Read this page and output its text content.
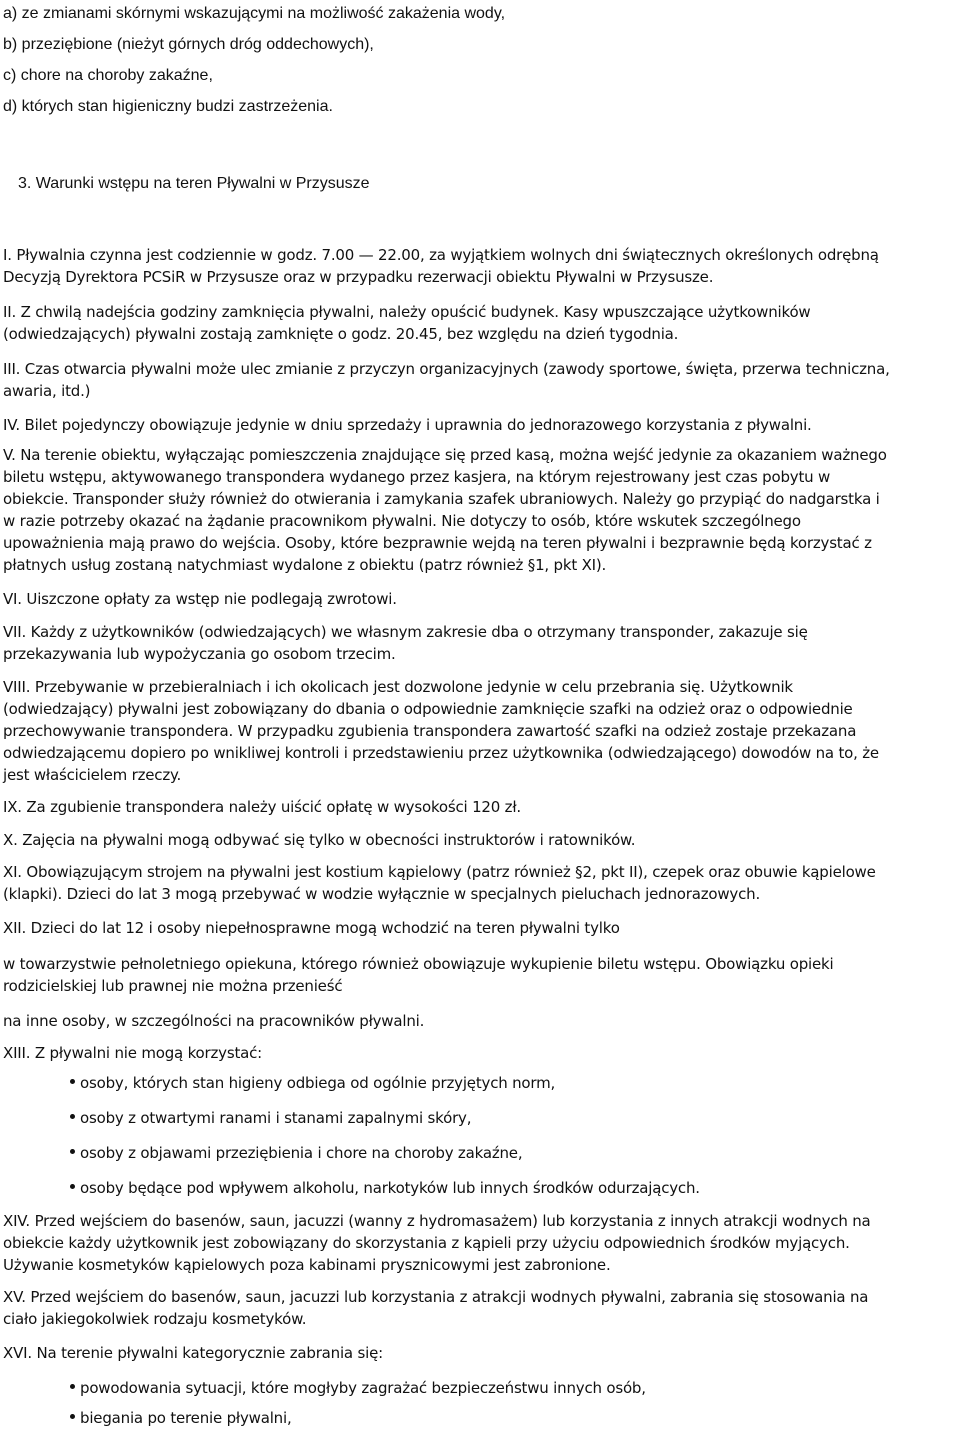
a) ze zmianami skórnymi wskazującymi na możliwość zakażenia wody,

b) przeziębione (nieżyt górnych dróg oddechowych),

c) chore na choroby zakaźne,

d) których stan higieniczny budzi zastrzeżenia.

3. Warunki wstępu na teren Pływalni w Przysusze

I. Pływalnia czynna jest codziennie w godz. 7.00 — 22.00, za wyjątkiem wolnych dni świątecznych określonych odrębną

Decyzją Dyrektora PCSiR w Przysusze oraz w przypadku rezerwacji obiektu Pływalni w Przysusze.

II. Z chwilą nadejścia godziny zamknięcia pływalni, należy opuścić budynek. Kasy wpuszczające użytkowników

(odwiedzających) pływalni zostają zamknięte o godz. 20.45, bez względu na dzień tygodnia.

III. Czas otwarcia pływalni może ulec zmianie z przyczyn organizacyjnych (zawody sportowe, święta, przerwa techniczna,

awaria, itd.)

IV. Bilet pojedynczy obowiązuje jedynie w dniu sprzedaży i uprawnia do jednorazowego korzystania z pływalni.

V. Na terenie obiektu, wyłączając pomieszczenia znajdujące się przed kasą, można wejść jedynie za okazaniem ważnego

biletu wstępu, aktywowanego transpondera wydanego przez kasjera, na którym rejestrowany jest czas pobytu w

obiekcie. Transponder służy również do otwierania i zamykania szafek ubraniowych. Należy go przypiąć do nadgarstka i

w razie potrzeby okazać na żądanie pracownikom pływalni. Nie dotyczy to osób, które wskutek szczególnego

upoważnienia mają prawo do wejścia. Osoby, które bezprawnie wejdą na teren pływalni i bezprawnie będą korzystać z

płatnych usług zostaną natychmiast wydalone z obiektu (patrz również §1, pkt XI).

VI. Uiszczone opłaty za wstęp nie podlegają zwrotowi.

VII. Każdy z użytkowników (odwiedzających) we własnym zakresie dba o otrzymany transponder, zakazuje się

przekazywania lub wypożyczania go osobom trzecim.

VIII. Przebywanie w przebieralniach i ich okolicach jest dozwolone jedynie w celu przebrania się. Użytkownik

(odwiedzający) pływalni jest zobowiązany do dbania o odpowiednie zamknięcie szafki na odzież oraz o odpowiednie

przechowywanie transpondera. W przypadku zgubienia transpondera zawartość szafki na odzież zostaje przekazana

odwiedzającemu dopiero po wnikliwej kontroli i przedstawieniu przez użytkownika (odwiedzającego) dowodów na to, że

jest właścicielem rzeczy.

IX. Za zgubienie transpondera należy uiścić opłatę w wysokości 120 zł.

X. Zajęcia na pływalni mogą odbywać się tylko w obecności instruktorów i ratowników.

XI. Obowiązującym strojem na pływalni jest kostium kąpielowy (patrz również §2, pkt II), czepek oraz obuwie kąpielowe

(klapki). Dzieci do lat 3 mogą przebywać w wodzie wyłącznie w specjalnych pieluchach jednorazowych.

XII. Dzieci do lat 12 i osoby niepełnosprawne mogą wchodzić na teren pływalni tylko

w towarzystwie pełnoletniego opiekuna, którego również obowiązuje wykupienie biletu wstępu. Obowiązku opieki

rodzicielskiej lub prawnej nie można przenieść

na inne osoby, w szczególności na pracowników pływalni.

XIII. Z pływalni nie mogą korzystać:

osoby, których stan higieny odbiega od ogólnie przyjętych norm,

osoby z otwartymi ranami i stanami zapalnymi skóry,

osoby z objawami przeziębienia i chore na choroby zakaźne,

osoby będące pod wpływem alkoholu, narkotyków lub innych środków odurzających.

XIV. Przed wejściem do basenów, saun, jacuzzi (wanny z hydromasażem) lub korzystania z innych atrakcji wodnych na

obiekcie każdy użytkownik jest zobowiązany do skorzystania z kąpieli przy użyciu odpowiednich środków myjących.

Używanie kosmetyków kąpielowych poza kabinami prysznicowymi jest zabronione.

XV. Przed wejściem do basenów, saun, jacuzzi lub korzystania z atrakcji wodnych pływalni, zabrania się stosowania na

ciało jakiegokolwiek rodzaju kosmetyków.

XVI. Na terenie pływalni kategorycznie zabrania się:

powodowania sytuacji, które mogłyby zagrażać bezpieczeństwu innych osób,

biegania po terenie pływalni,
